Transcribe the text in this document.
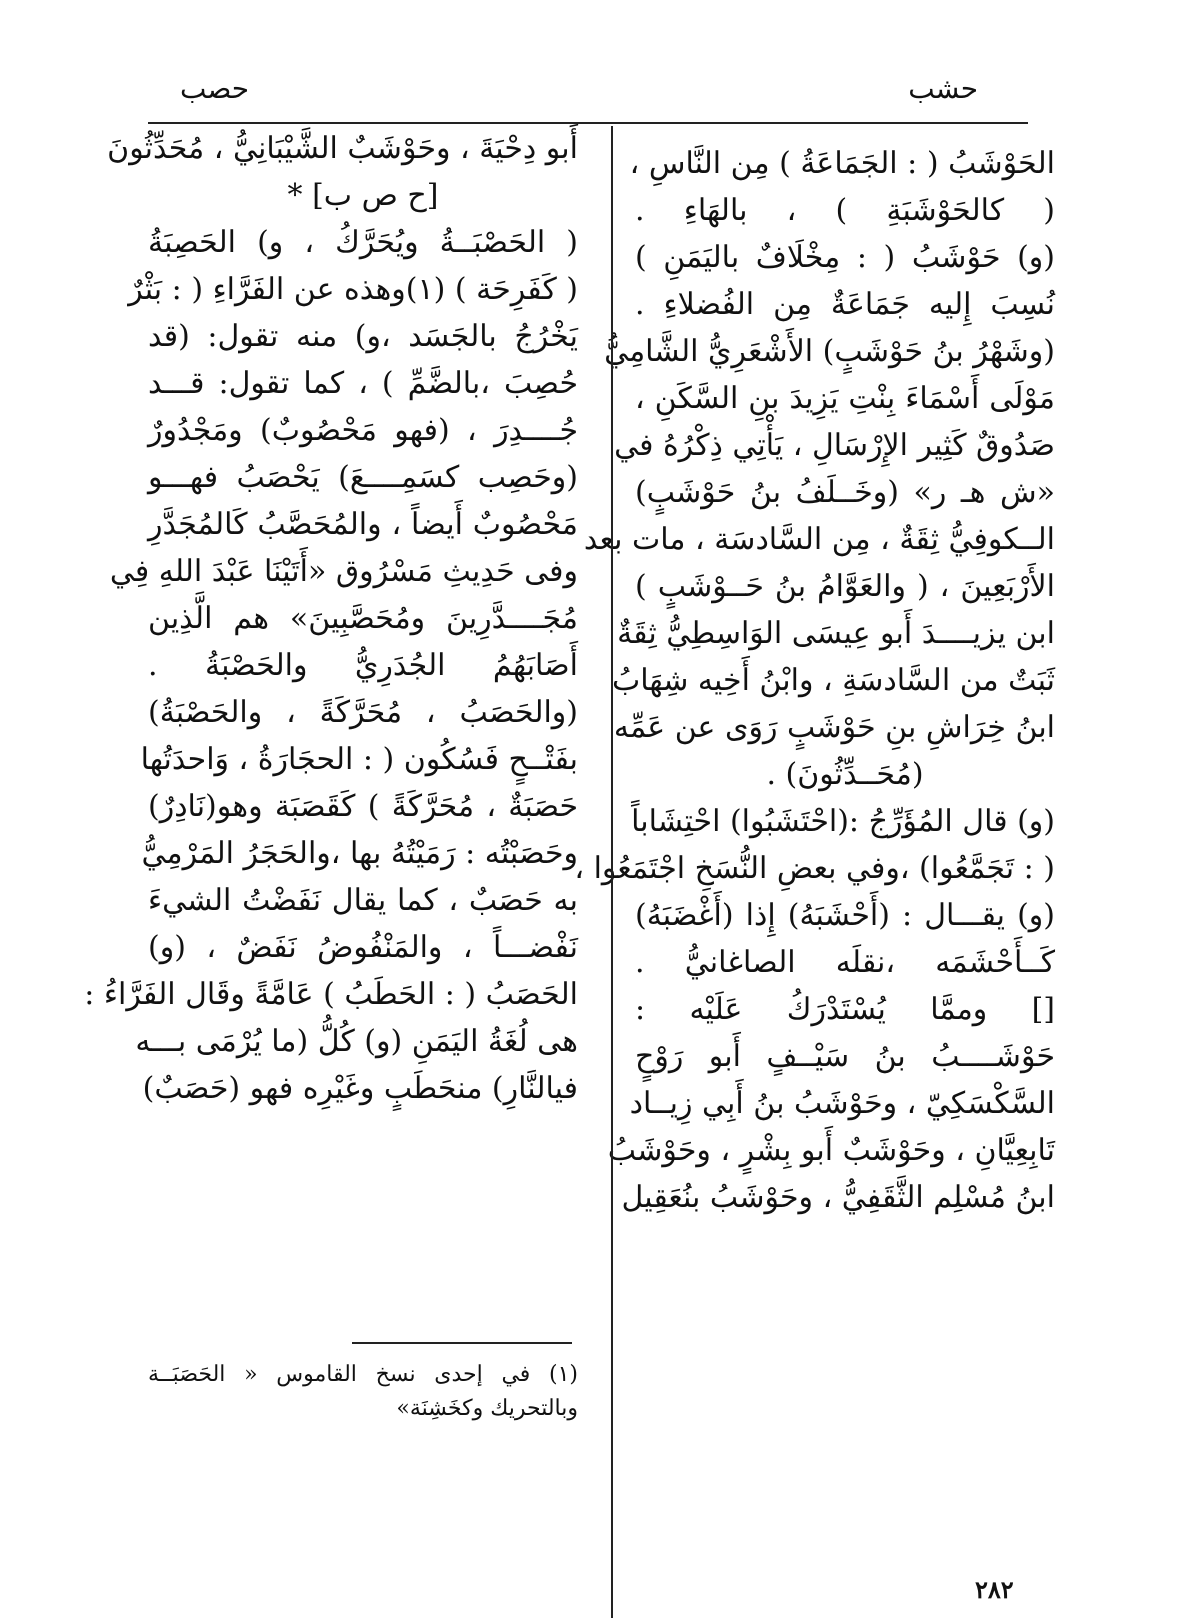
حشب
حصب
الحَوْشَبُ ( : الجَمَاعَةُ ) مِن النَّاسِ ،
( كالحَوْشَبَةِ ) ، بالهَاءِ .
(و) حَوْشَبُ ( : مِخْلَافٌ باليَمَنِ )
نُسِبَ إِليه جَمَاعَةٌ مِن الفُضلاءِ .
(وشَهْرُ بنُ حَوْشَبٍ) الأَشْعَرِيُّ الشَّامِيُّ
مَوْلَى أَسْمَاءَ بِنْتِ يَزِيدَ بنِ السَّكَنِ ،
صَدُوقٌ كَثِير الإِرْسَالِ ، يَأْتِي ذِكْرُهُ في
«ش هـ ر» (وخَــلَفُ بنُ حَوْشَبٍ)
الــكوفِيُّ ثِقَةٌ ، مِن السَّادسَة ، مات بعد
الأَرْبَعِينَ ، ( والعَوَّامُ بنُ حَــوْشَبٍ )
ابن يزيــــدَ أَبو عِيسَى الوَاسِطِيُّ ثِقَةٌ
ثَبَتٌ من السَّادسَةِ ، وابْنُ أَخِيه شِهَابُ
ابنُ خِرَاشِ بنِ حَوْشَبٍ رَوَى عن عَمِّه
(مُحَــدِّثُونَ) .
(و) قال المُؤَرِّجُ :(احْتَشَبُوا) احْتِشَاباً
( : تَجَمَّعُوا) ،وفي بعضِ النُّسَخِ اجْتَمَعُوا ،
(و) يقـــال : (أَحْشَبَهُ) إِذا (أَغْضَبَهُ)
كَــأَحْشَمَه ،نقلَه الصاغانيُّ .
[] وممَّا يُسْتَدْرَكُ عَلَيْه :
حَوْشَــــبُ بنُ سَيْــفٍ أَبو رَوْحٍ
السَّكْسَكِيّ ، وحَوْشَبُ بنُ أَبِي زِيــاد
تَابِعِيَّانِ ، وحَوْشَبٌ أَبو بِشْرٍ ، وحَوْشَبُ
ابنُ مُسْلِم الثَّقَفِيُّ ، وحَوْشَبُ بنُعَقِيل
أَبو دِحْيَةَ ، وحَوْشَبٌ الشَّيْبَانِيُّ ، مُحَدِّثُونَ
[ح ص ب] *
( الحَصْبَــةُ ويُحَرَّكُ ، و) الحَصِبَةُ
( كَفَرِحَة ) (١)وهذه عن الفَرَّاءِ ( : بَثْرٌ
يَخْرُجُ بالجَسَد ،و) منه تقول: (قد
حُصِبَ ،بالضَّمِّ ) ، كما تقول: قـــد
جُــــدِرَ ، (فهو مَحْصُوبٌ) ومَجْدُورٌ
(وحَصِب كسَمِــــعَ) يَحْصَبُ فهـــو
مَحْصُوبٌ أَيضاً ، والمُحَصَّبُ كَالمُجَدَّرِ
وفى حَدِيثِ مَسْرُوق «أَتَيْنَا عَبْدَ اللهِ فِي
مُجَــــدَّرِينَ ومُحَصَّبِينَ» هم الَّذِين
أَصَابَهُمُ الجُدَرِيُّ والحَصْبَةُ .
(والحَصَبُ ، مُحَرَّكَةً ، والحَصْبَةُ)
بفَتْــحٍ فَسُكُون ( : الحجَارَةُ ، وَاحدَتُها
حَصَبَةٌ ، مُحَرَّكَةً ) كَقَصَبَة وهو(نَادِرٌ)
وحَصَبْتُه : رَمَيْتُهُ بها ،والحَجَرُ المَرْمِيُّ
به حَصَبٌ ، كما يقال نَفَضْتُ الشيءَ
نَفْضـــاً ، والمَنْفُوضُ نَفَضٌ ، (و)
الحَصَبُ ( : الحَطَبُ ) عَامَّةً وقَال الفَرَّاءُ :
هى لُغَةُ اليَمَنِ (و) كُلُّ (ما يُرْمَى بـــه
فيالنَّارِ) منحَطَبٍ وغَيْرِه فهو (حَصَبٌ)
(١) في إحدى نسخ القاموس « الحَصَبَــة
وبالتحريك وكخَشِنَة»
٢٨٢
